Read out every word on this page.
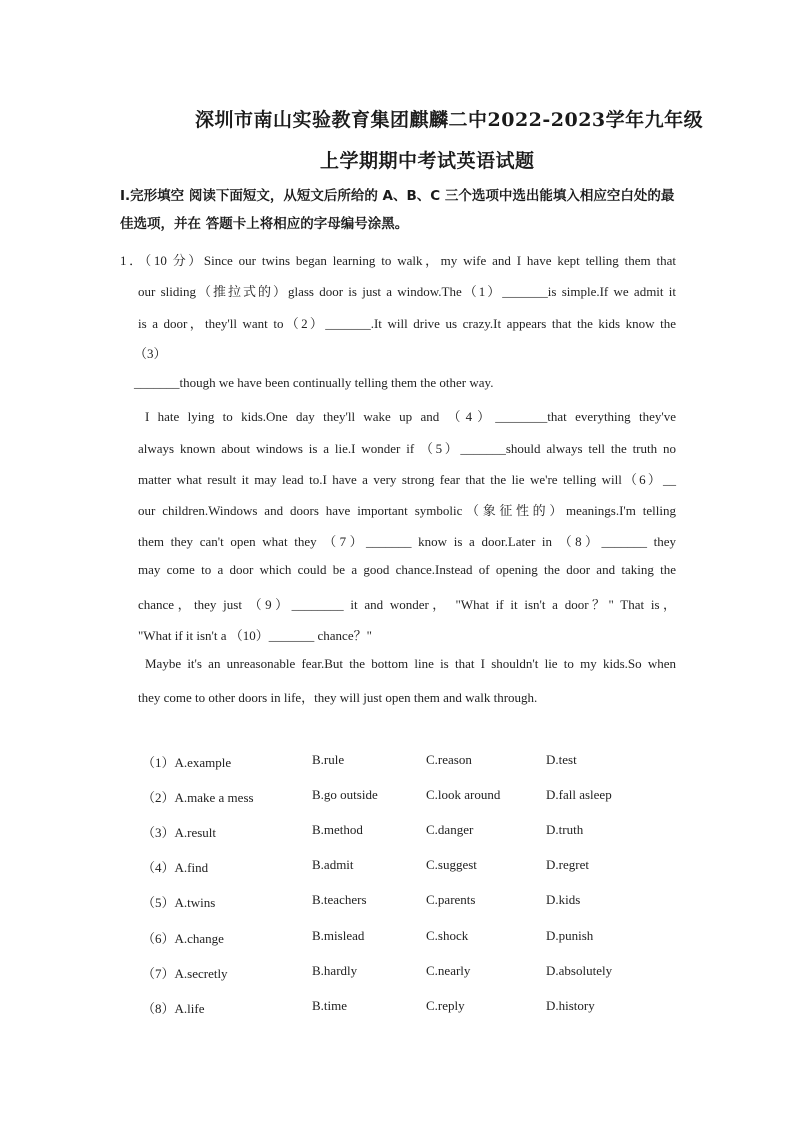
深圳市南山实验教育集团麒麟二中2022-2023学年九年级
上学期期中考试英语试题
I.完形填空 阅读下面短文，从短文后所给的 A、B、C 三个选项中选出能填入相应空白处的最佳选项，并在 答题卡上将相应的字母编号涂黑。
1．（10 分）Since our twins began learning to walk，my wife and I have kept telling them that
our sliding（推拉式的）glass door is just a window.The（1）_______is simple.If we admit it
is a door，they'll want to（2）_______.It will drive us crazy.It appears that the kids know the
（3）
_______though we have been continually telling them the other way.
I hate lying to kids.One day they'll wake up and （4）________that everything they've
always known about windows is a lie.I wonder if （5）_______should always tell the truth no
matter what result it may lead to.I have a very strong fear that the lie we're telling will（6）__
our children.Windows and doors have important symbolic（象征性的）meanings.I'm telling
them they can't open what they （7）_______ know is a door.Later in （8）_______ they
may come to a door which could be a good chance.Instead of opening the door and taking the
chance，they just （9）________ it and wonder， "What if it isn't a door？" That is，
"What if it isn't a （10）_______ chance？"
Maybe it's an unreasonable fear.But the bottom line is that I shouldn't lie to my kids.So when
they come to other doors in life，they will just open them and walk through.
（1）A.example	B.rule	C.reason	D.test
（2）A.make a mess	B.go outside	C.look around	D.fall asleep
（3）A.result	B.method	C.danger	D.truth
（4）A.find	B.admit	C.suggest	D.regret
（5）A.twins	B.teachers	C.parents	D.kids
（6）A.change	B.mislead	C.shock	D.punish
（7）A.secretly	B.hardly	C.nearly	D.absolutely
（8）A.life	B.time	C.reply	D.history
